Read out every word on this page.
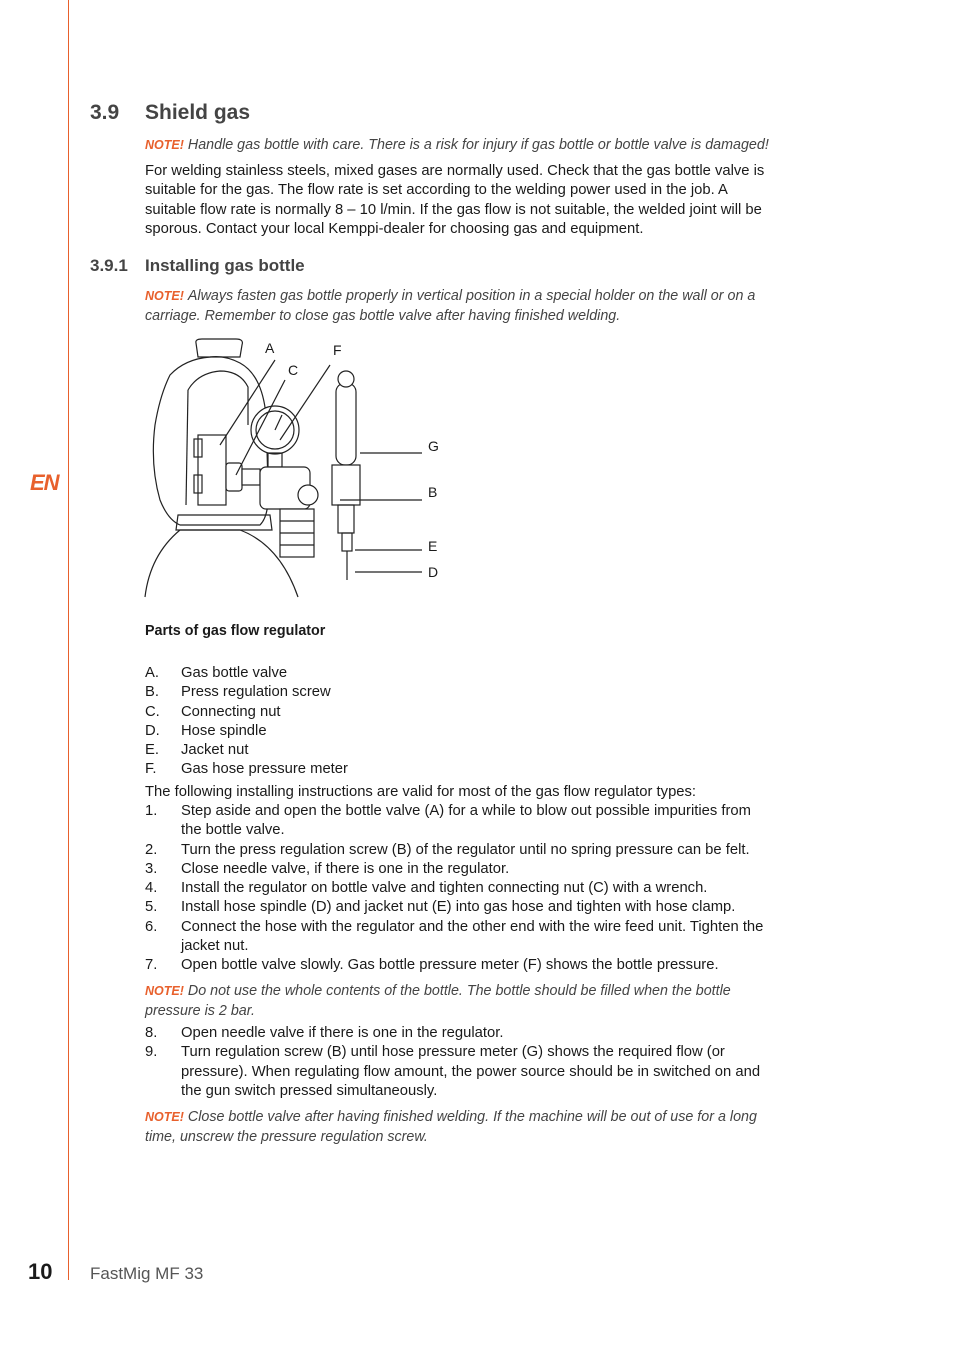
EN
3.9 Shield gas
NOTE! Handle gas bottle with care. There is a risk for injury if gas bottle or bottle valve is damaged!
For welding stainless steels, mixed gases are normally used. Check that the gas bottle valve is suitable for the gas. The flow rate is set according to the welding power used in the job. A suitable flow rate is normally 8 – 10 l/min. If the gas flow is not suitable, the welded joint will be sporous. Contact your local Kemppi-dealer for choosing gas and equipment.
3.9.1 Installing gas bottle
NOTE! Always fasten gas bottle properly in vertical position in a special holder on the wall or on a carriage. Remember to close gas bottle valve after having finished welding.
A
C
F
G
B
E
D
Parts of gas flow regulator
A. Gas bottle valve
B. Press regulation screw
C. Connecting nut
D. Hose spindle
E. Jacket nut
F. Gas hose pressure meter
The following installing instructions are valid for most of the gas flow regulator types:
1. Step aside and open the bottle valve (A) for a while to blow out possible impurities from the bottle valve.
2. Turn the press regulation screw (B) of the regulator until no spring pressure can be felt.
3. Close needle valve, if there is one in the regulator.
4. Install the regulator on bottle valve and tighten connecting nut (C) with a wrench.
5. Install hose spindle (D) and jacket nut (E) into gas hose and tighten with hose clamp.
6. Connect the hose with the regulator and the other end with the wire feed unit. Tighten the jacket nut.
7. Open bottle valve slowly. Gas bottle pressure meter (F) shows the bottle pressure.
NOTE! Do not use the whole contents of the bottle. The bottle should be filled when the bottle pressure is 2 bar.
8. Open needle valve if there is one in the regulator.
9. Turn regulation screw (B) until hose pressure meter (G) shows the required flow (or pressure). When regulating flow amount, the power source should be in switched on and the gun switch pressed simultaneously.
NOTE! Close bottle valve after having finished welding. If the machine will be out of use for a long time, unscrew the pressure regulation screw.
10 FastMig MF 33
